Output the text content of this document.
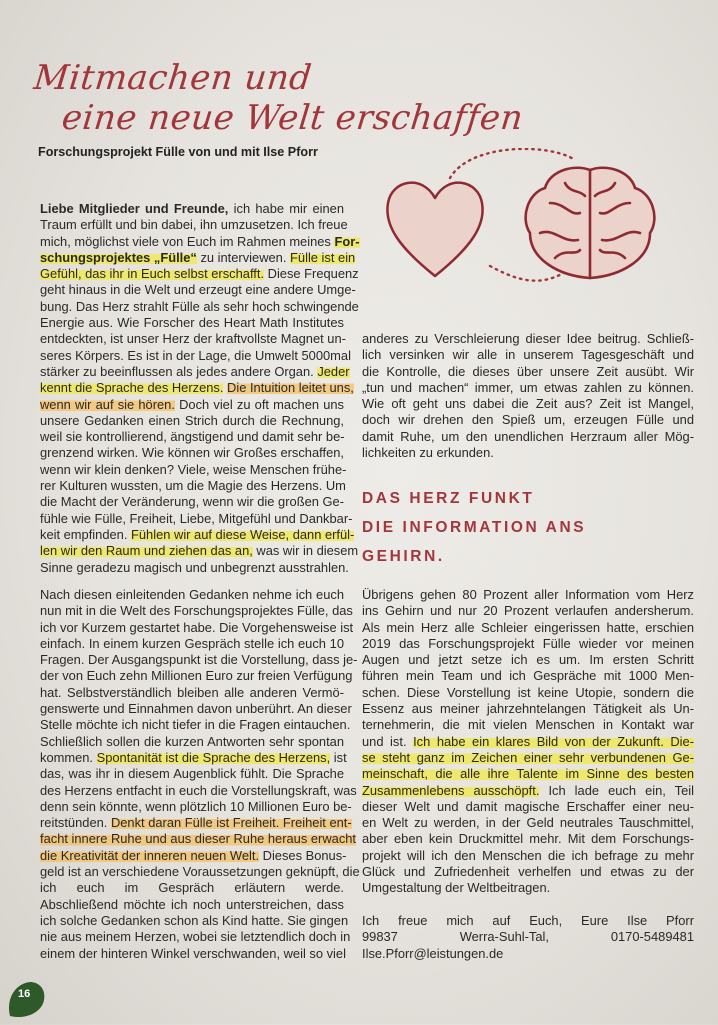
Mitmachen und
eine neue Welt erschaffen
Forschungsprojekt Fülle von und mit Ilse Pforr
Liebe Mitglieder und Freunde, ich habe mir einen
Traum erfüllt und bin dabei, ihn umzusetzen. Ich freue
mich, möglichst viele von Euch im Rahmen meines For-
schungsprojektes „Fülle“ zu interviewen. Fülle ist ein
Gefühl, das ihr in Euch selbst erschafft. Diese Frequenz
geht hinaus in die Welt und erzeugt eine andere Umge-
bung. Das Herz strahlt Fülle als sehr hoch schwingende
Energie aus. Wie Forscher des Heart Math Institutes
entdeckten, ist unser Herz der kraftvollste Magnet un-
seres Körpers. Es ist in der Lage, die Umwelt 5000mal
stärker zu beeinflussen als jedes andere Organ. Jeder
kennt die Sprache des Herzens. Die Intuition leitet uns,
wenn wir auf sie hören. Doch viel zu oft machen uns
unsere Gedanken einen Strich durch die Rechnung,
weil sie kontrollierend, ängstigend und damit sehr be-
grenzend wirken. Wie können wir Großes erschaffen,
wenn wir klein denken? Viele, weise Menschen frühe-
rer Kulturen wussten, um die Magie des Herzens. Um
die Macht der Veränderung, wenn wir die großen Ge-
fühle wie Fülle, Freiheit, Liebe, Mitgefühl und Dankbar-
keit empfinden. Fühlen wir auf diese Weise, dann erfül-
len wir den Raum und ziehen das an, was wir in diesem
Sinne geradezu magisch und unbegrenzt ausstrahlen.
Nach diesen einleitenden Gedanken nehme ich euch
nun mit in die Welt des Forschungsprojektes Fülle, das
ich vor Kurzem gestartet habe. Die Vorgehensweise ist
einfach. In einem kurzen Gespräch stelle ich euch 10
Fragen. Der Ausgangspunkt ist die Vorstellung, dass je-
der von Euch zehn Millionen Euro zur freien Verfügung
hat. Selbstverständlich bleiben alle anderen Vermö-
genswerte und Einnahmen davon unberührt. An dieser
Stelle möchte ich nicht tiefer in die Fragen eintauchen.
Schließlich sollen die kurzen Antworten sehr spontan
kommen. Spontanität ist die Sprache des Herzens, ist
das, was ihr in diesem Augenblick fühlt. Die Sprache
des Herzens entfacht in euch die Vorstellungskraft, was
denn sein könnte, wenn plötzlich 10 Millionen Euro be-
reitstünden. Denkt daran Fülle ist Freiheit. Freiheit ent-
facht innere Ruhe und aus dieser Ruhe heraus erwacht
die Kreativität der inneren neuen Welt. Dieses Bonus-
geld ist an verschiedene Voraussetzungen geknüpft, die
ich euch im Gespräch erläutern werde.
Abschließend möchte ich noch unterstreichen, dass
ich solche Gedanken schon als Kind hatte. Sie gingen
nie aus meinem Herzen, wobei sie letztendlich doch in
einem der hinteren Winkel verschwanden, weil so viel
anderes zu Verschleierung dieser Idee beitrug. Schließ-
lich versinken wir alle in unserem Tagesgeschäft und
die Kontrolle, die dieses über unsere Zeit ausübt. Wir
„tun und machen“ immer, um etwas zahlen zu können.
Wie oft geht uns dabei die Zeit aus? Zeit ist Mangel,
doch wir drehen den Spieß um, erzeugen Fülle und
damit Ruhe, um den unendlichen Herzraum aller Mög-
lichkeiten zu erkunden.
DAS HERZ FUNKT
DIE INFORMATION ANS
GEHIRN.
Übrigens gehen 80 Prozent aller Information vom Herz
ins Gehirn und nur 20 Prozent verlaufen andersherum.
Als mein Herz alle Schleier eingerissen hatte, erschien
2019 das Forschungsprojekt Fülle wieder vor meinen
Augen und jetzt setze ich es um. Im ersten Schritt
führen mein Team und ich Gespräche mit 1000 Men-
schen. Diese Vorstellung ist keine Utopie, sondern die
Essenz aus meiner jahrzehntelangen Tätigkeit als Un-
ternehmerin, die mit vielen Menschen in Kontakt war
und ist. Ich habe ein klares Bild von der Zukunft. Die-
se steht ganz im Zeichen einer sehr verbundenen Ge-
meinschaft, die alle ihre Talente im Sinne des besten
Zusammenlebens ausschöpft. Ich lade euch ein, Teil
dieser Welt und damit magische Erschaffer einer neu-
en Welt zu werden, in der Geld neutrales Tauschmittel,
aber eben kein Druckmittel mehr. Mit dem Forschungs-
projekt will ich den Menschen die ich befrage zu mehr
Glück und Zufriedenheit verhelfen und etwas zu der
Umgestaltung der Weltbeitragen.
Ich freue mich auf Euch, Eure Ilse Pforr
99837 Werra-Suhl-Tal, 0170-5489481
Ilse.Pforr@leistungen.de
16
